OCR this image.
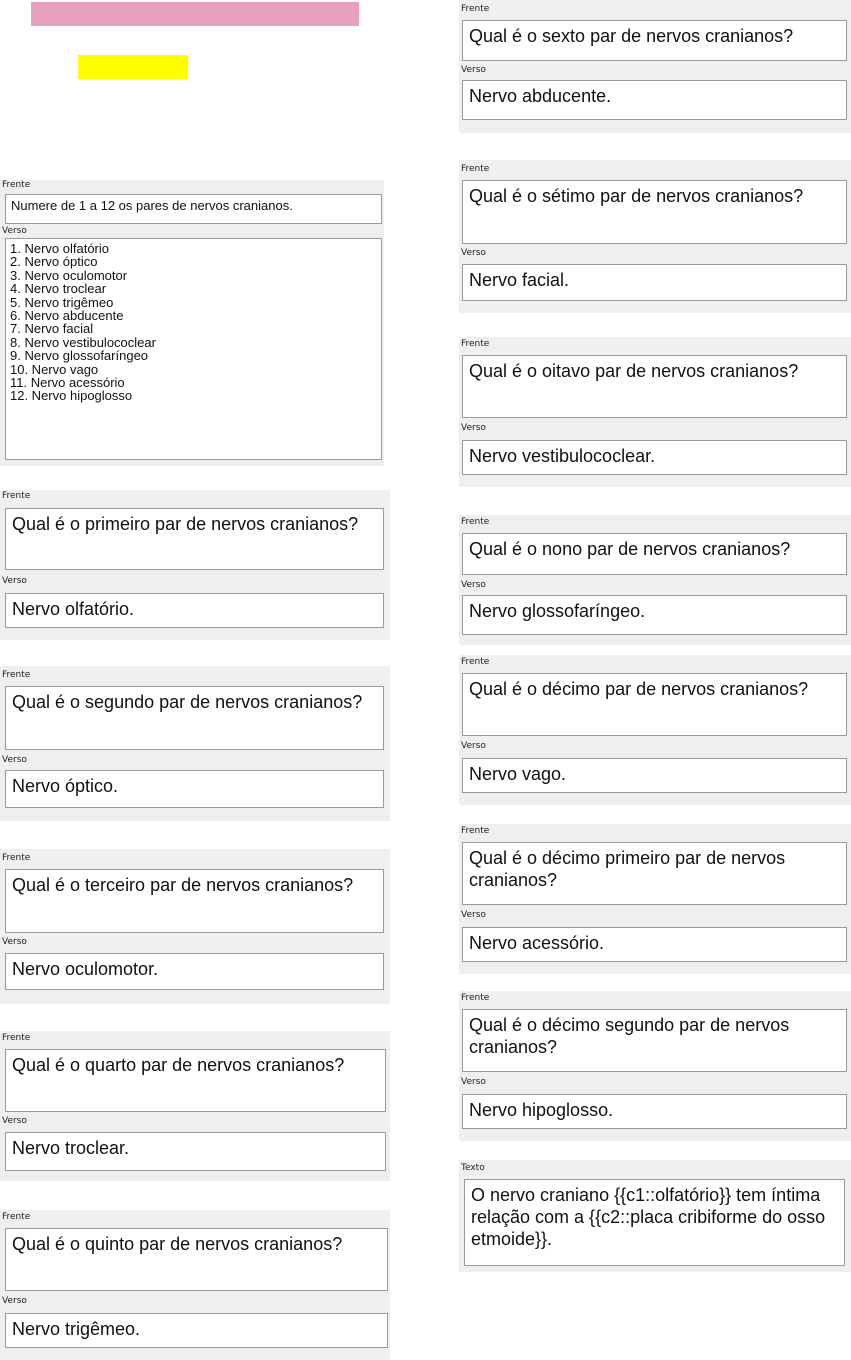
Frente
Numere de 1 a 12 os pares de nervos cranianos.
Verso
1. Nervo olfatório
2. Nervo óptico
3. Nervo oculomotor
4. Nervo troclear
5. Nervo trigêmeo
6. Nervo abducente
7. Nervo facial
8. Nervo vestibulococlear
9. Nervo glossofaríngeo
10. Nervo vago
11. Nervo acessório
12. Nervo hipoglosso
Frente
Qual é o primeiro par de nervos cranianos?
Verso
Nervo olfatório.
Frente
Qual é o segundo par de nervos cranianos?
Verso
Nervo óptico.
Frente
Qual é o terceiro par de nervos cranianos?
Verso
Nervo oculomotor.
Frente
Qual é o quarto par de nervos cranianos?
Verso
Nervo troclear.
Frente
Qual é o quinto par de nervos cranianos?
Verso
Nervo trigêmeo.
Frente
Qual é o sexto par de nervos cranianos?
Verso
Nervo abducente.
Frente
Qual é o sétimo par de nervos cranianos?
Verso
Nervo facial.
Frente
Qual é o oitavo par de nervos cranianos?
Verso
Nervo vestibulococlear.
Frente
Qual é o nono par de nervos cranianos?
Verso
Nervo glossofaríngeo.
Frente
Qual é o décimo par de nervos cranianos?
Verso
Nervo vago.
Frente
Qual é o décimo primeiro par de nervos cranianos?
Verso
Nervo acessório.
Frente
Qual é o décimo segundo par de nervos cranianos?
Verso
Nervo hipoglosso.
Texto
O nervo craniano {{c1::olfatório}} tem íntima relação com a {{c2::placa cribiforme do osso etmoide}}.
